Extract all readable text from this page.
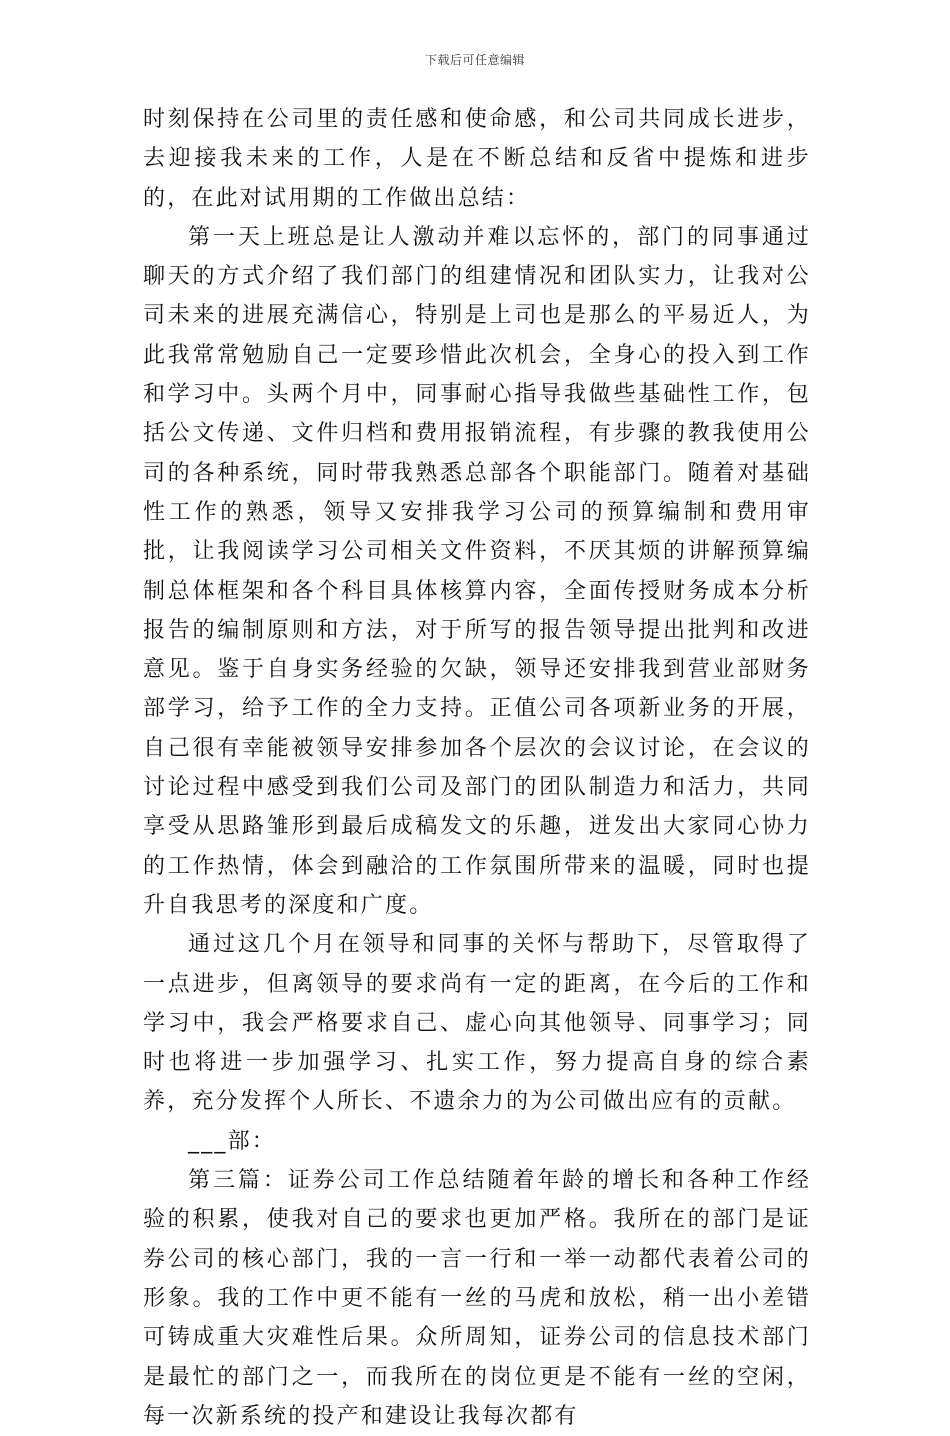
下载后可任意编辑

时刻保持在公司里的责任感和使命感，和公司共同成长进步，去迎接我未来的工作，人是在不断总结和反省中提炼和进步的，在此对试用期的工作做出总结：

第一天上班总是让人激动并难以忘怀的，部门的同事通过聊天的方式介绍了我们部门的组建情况和团队实力，让我对公司未来的进展充满信心，特别是上司也是那么的平易近人，为此我常常勉励自己一定要珍惜此次机会，全身心的投入到工作和学习中。头两个月中，同事耐心指导我做些基础性工作，包括公文传递、文件归档和费用报销流程，有步骤的教我使用公司的各种系统，同时带我熟悉总部各个职能部门。随着对基础性工作的熟悉，领导又安排我学习公司的预算编制和费用审批，让我阅读学习公司相关文件资料，不厌其烦的讲解预算编制总体框架和各个科目具体核算内容，全面传授财务成本分析报告的编制原则和方法，对于所写的报告领导提出批判和改进意见。鉴于自身实务经验的欠缺，领导还安排我到营业部财务部学习，给予工作的全力支持。正值公司各项新业务的开展，自己很有幸能被领导安排参加各个层次的会议讨论，在会议的讨论过程中感受到我们公司及部门的团队制造力和活力，共同享受从思路雏形到最后成稿发文的乐趣，迸发出大家同心协力的工作热情，体会到融洽的工作氛围所带来的温暖，同时也提升自我思考的深度和广度。

通过这几个月在领导和同事的关怀与帮助下，尽管取得了一点进步，但离领导的要求尚有一定的距离，在今后的工作和学习中，我会严格要求自己、虚心向其他领导、同事学习；同时也将进一步加强学习、扎实工作，努力提高自身的综合素养，充分发挥个人所长、不遗余力的为公司做出应有的贡献。

___部：

第三篇：证券公司工作总结随着年龄的增长和各种工作经验的积累，使我对自己的要求也更加严格。我所在的部门是证券公司的核心部门，我的一言一行和一举一动都代表着公司的形象。我的工作中更不能有一丝的马虎和放松，稍一出小差错可铸成重大灾难性后果。众所周知，证券公司的信息技术部门是最忙的部门之一，而我所在的岗位更是不能有一丝的空闲，每一次新系统的投产和建设让我每次都有
